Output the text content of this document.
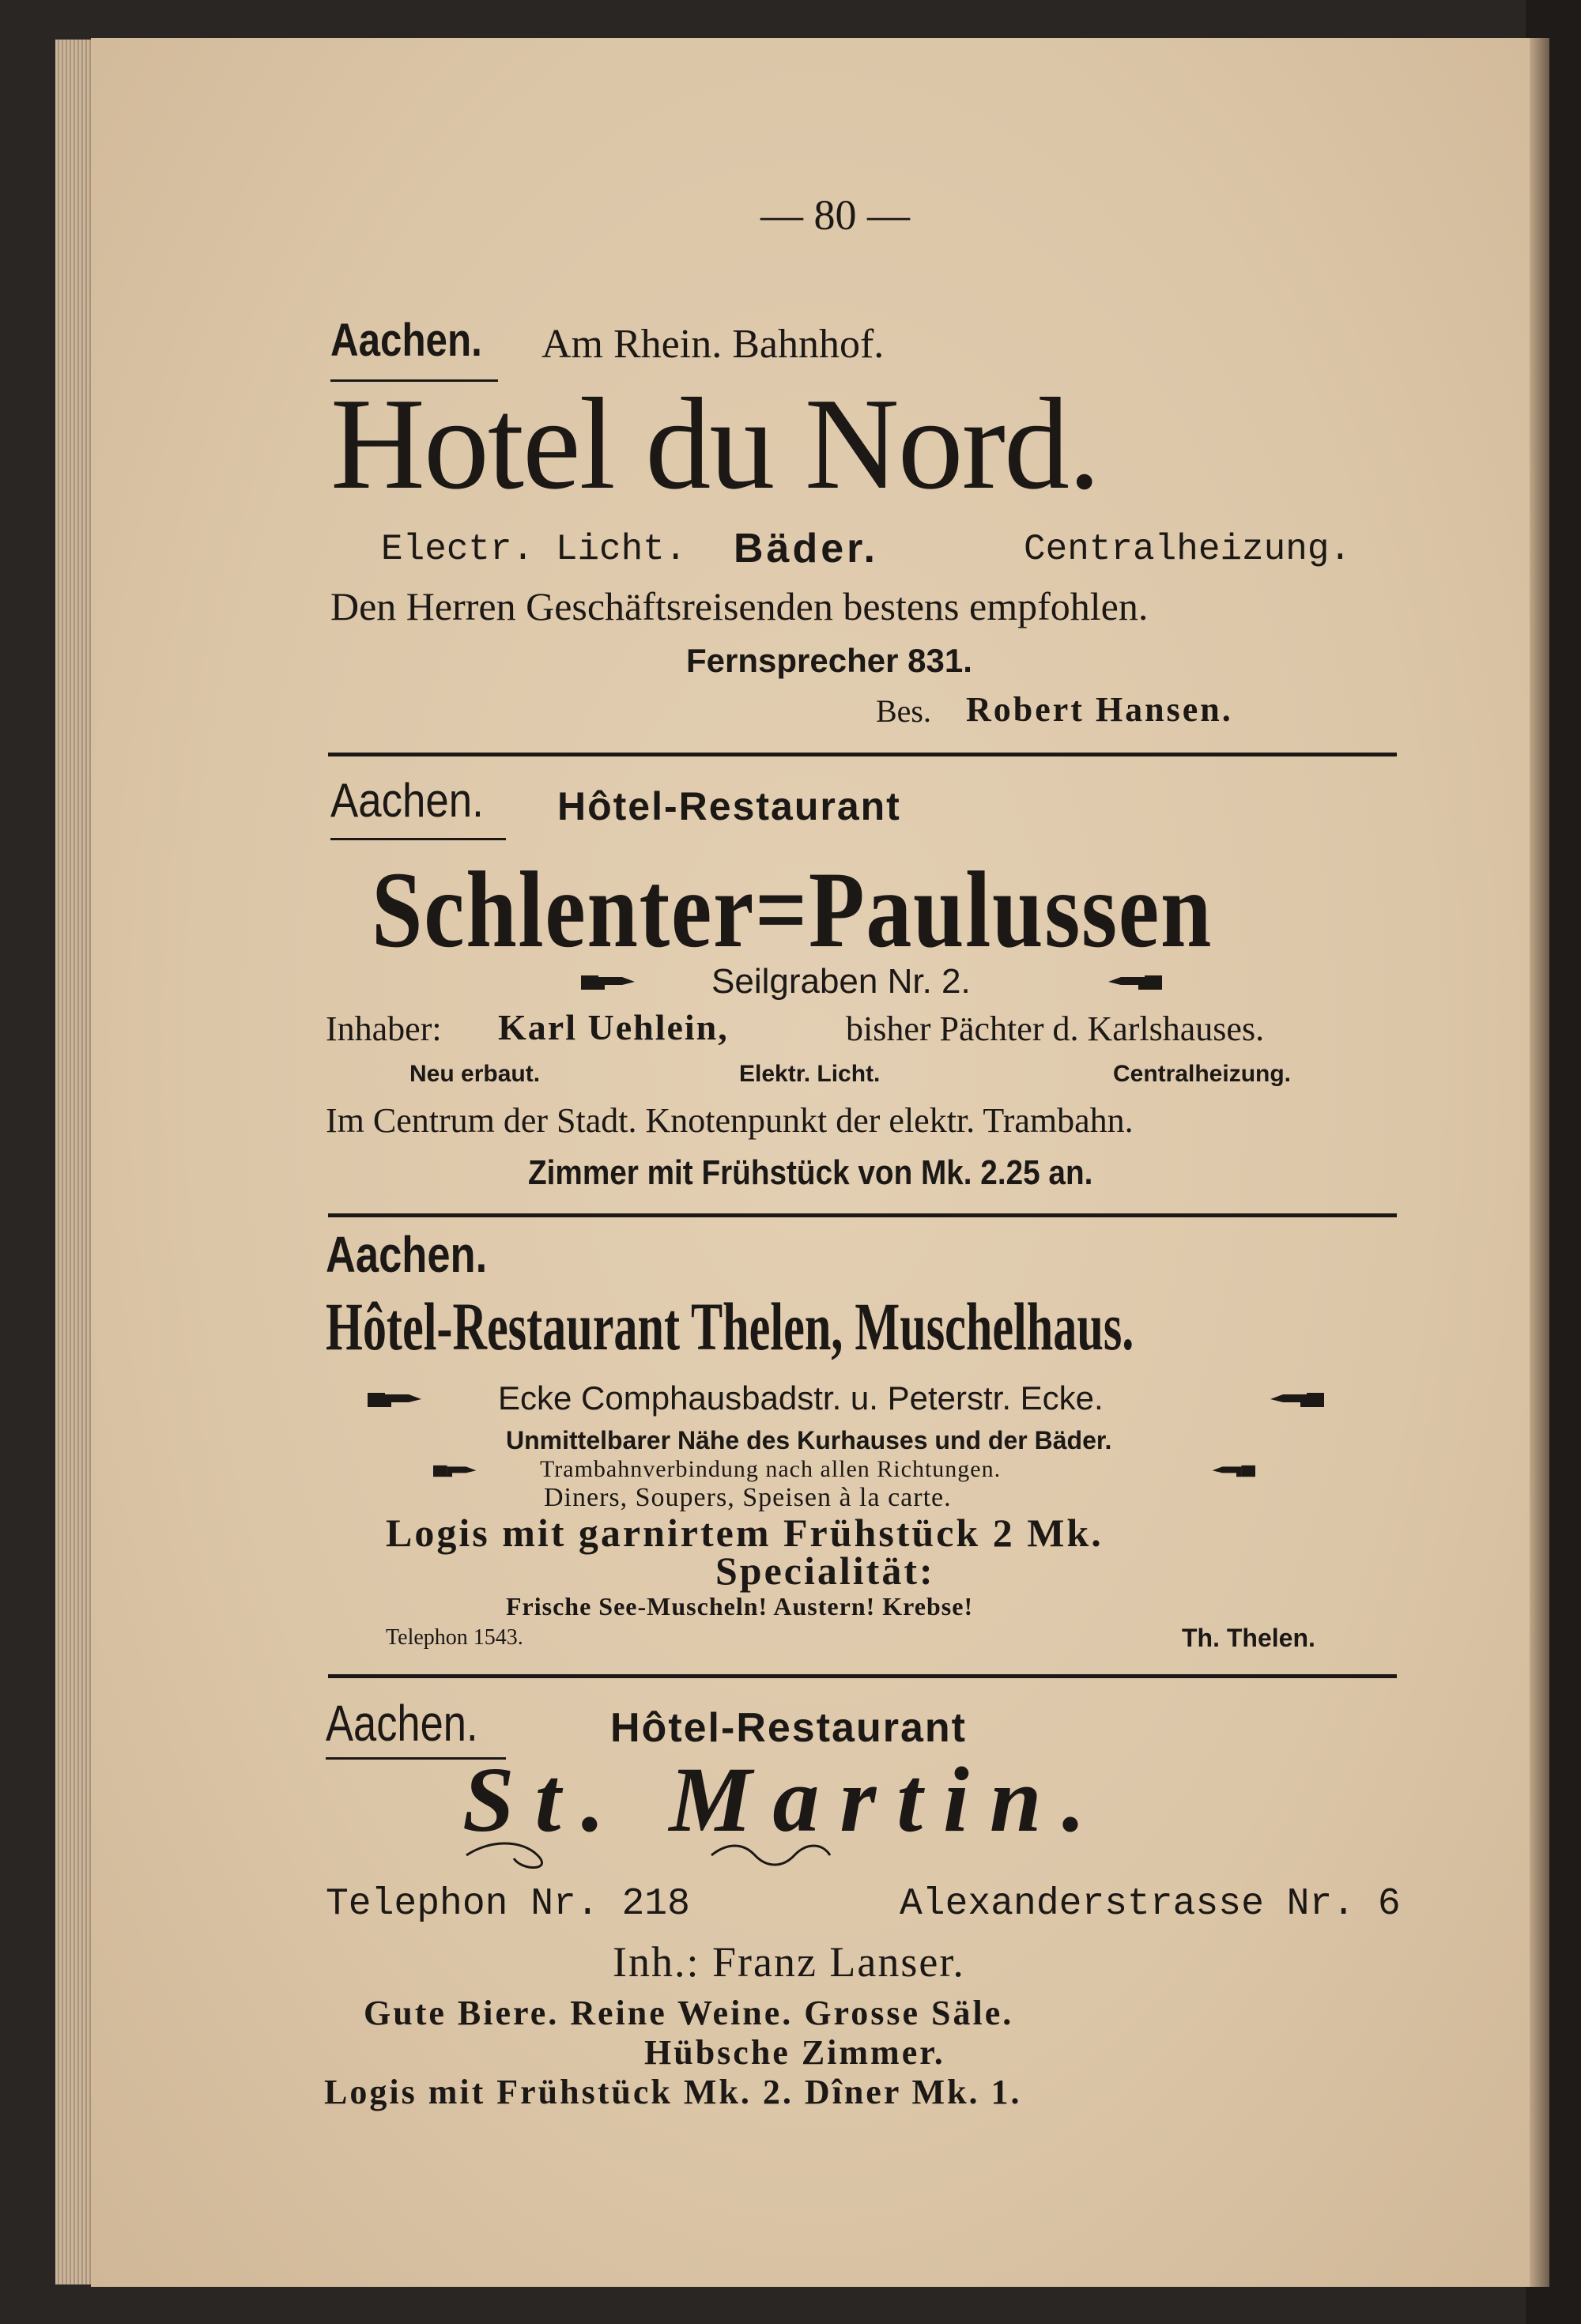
— 80 —
Aachen. Am Rhein. Bahnhof.
Hotel du Nord.
Electr. Licht. Bäder.	Centralheizung.
Den Herren Geschäftsreisenden bestens empfohlen.
Fernsprecher 831.
Bes. Robert Hansen.
Aachen. Hôtel-Restaurant
Schlenter=Paulussen
Seilgraben Nr. 2.
Inhaber: Karl Uehlein,	bisher Pächter d. Karlshauses.
Neu erbaut.	Elektr. Licht.	Centralheizung.
Im Centrum der Stadt. Knotenpunkt der elektr. Trambahn.
Zimmer mit Frühstück von Mk. 2.25 an.
Aachen.
Hôtel-Restaurant Thelen, Muschelhaus.
Ecke Comphausbadstr. u. Peterstr. Ecke.
Unmittelbarer Nähe des Kurhauses und der Bäder.
Trambahnverbindung nach allen Richtungen.
Diners, Soupers, Speisen à la carte.
Logis mit garnirtem Frühstück 2 Mk.
Specialität:
Frische See-Muscheln! Austern! Krebse!
Telephon 1543.	Th. Thelen.
Aachen.	Hôtel-Restaurant
St. Martin.
Telephon Nr. 218	Alexanderstrasse Nr. 6
Inh.: Franz Lanser.
Gute Biere. Reine Weine. Grosse Säle.
Hübsche Zimmer.
Logis mit Frühstück Mk. 2. Dîner Mk. 1.
